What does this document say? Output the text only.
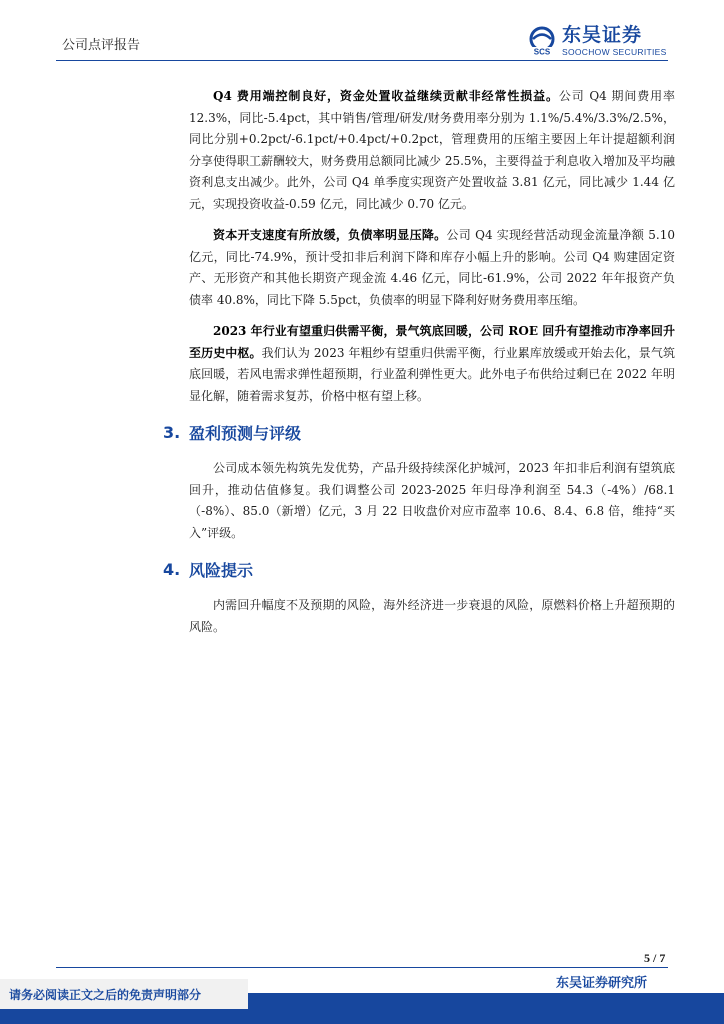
公司点评报告	SCS
东吴证券
SOOCHOW SECURITIES

Q4 费用端控制良好，资金处置收益继续贡献非经常性损益。公司 Q4 期间费用率 12.3%，同比-5.4pct，其中销售/管理/研发/财务费用率分别为 1.1%/5.4%/3.3%/2.5%，同比分别+0.2pct/-6.1pct/+0.4pct/+0.2pct，管理费用的压缩主要因上年计提超额利润分享使得职工薪酬较大，财务费用总额同比减少 25.5%，主要得益于利息收入增加及平均融资利息支出减少。此外，公司 Q4 单季度实现资产处置收益 3.81 亿元，同比减少 1.44 亿元，实现投资收益-0.59 亿元，同比减少 0.70 亿元。

资本开支速度有所放缓，负债率明显压降。公司 Q4 实现经营活动现金流量净额 5.10 亿元，同比-74.9%，预计受扣非后利润下降和库存小幅上升的影响。公司 Q4 购建固定资产、无形资产和其他长期资产现金流 4.46 亿元，同比-61.9%，公司 2022 年年报资产负债率 40.8%，同比下降 5.5pct，负债率的明显下降利好财务费用率压缩。

2023 年行业有望重归供需平衡，景气筑底回暖，公司 ROE 回升有望推动市净率回升至历史中枢。我们认为 2023 年粗纱有望重归供需平衡，行业累库放缓或开始去化，景气筑底回暖，若风电需求弹性超预期，行业盈利弹性更大。此外电子布供给过剩已在 2022 年明显化解，随着需求复苏，价格中枢有望上移。

3. 盈利预测与评级

公司成本领先构筑先发优势，产品升级持续深化护城河，2023 年扣非后利润有望筑底回升，推动估值修复。我们调整公司 2023-2025 年归母净利润至 54.3（-4%）/68.1（-8%）、85.0（新增）亿元，3 月 22 日收盘价对应市盈率 10.6、8.4、6.8 倍，维持“买入”评级。

4. 风险提示

内需回升幅度不及预期的风险，海外经济进一步衰退的风险，原燃料价格上升超预期的风险。

5 / 7
东吴证券研究所
请务必阅读正文之后的免责声明部分
